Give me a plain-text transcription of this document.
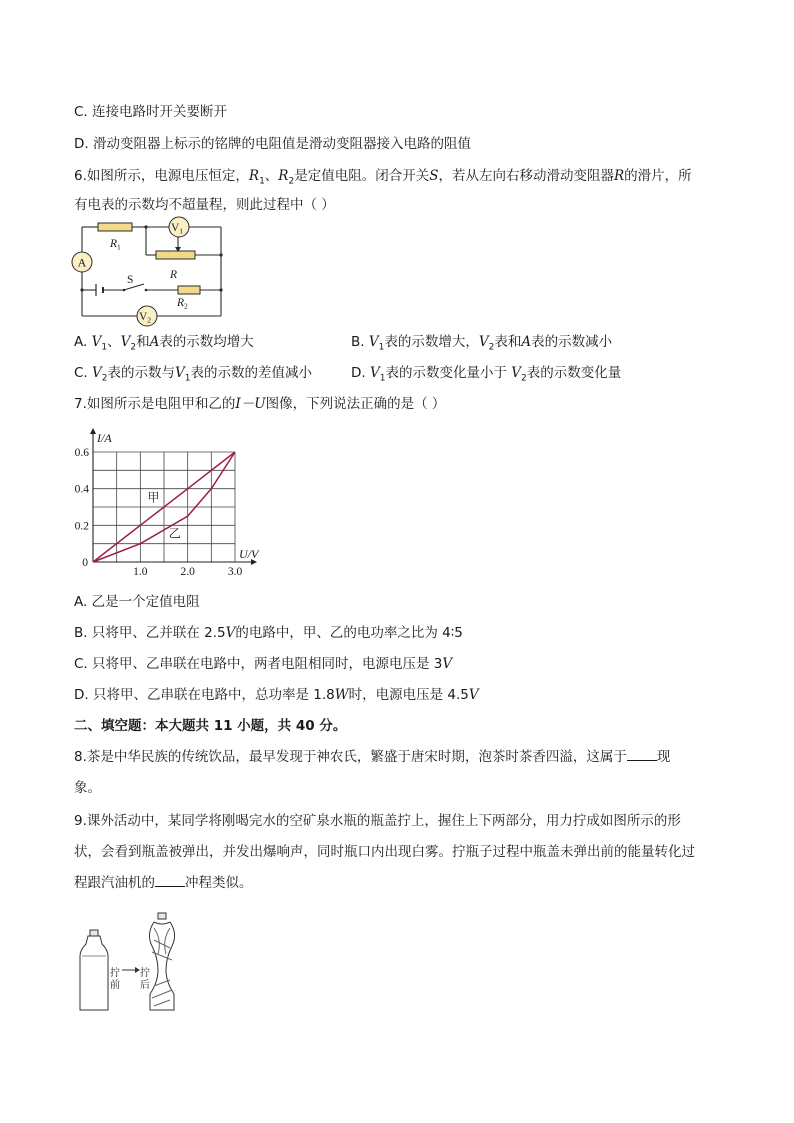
C. 连接电路时开关要断开
D. 滑动变阻器上标示的铭牌的电阻值是滑动变阻器接入电路的阻值
6.如图所示，电源电压恒定，$R_1$、$R_2$是定值电阻。闭合开关S，若从左向右移动滑动变阻器R的滑片，所
有电表的示数均不超量程，则此过程中（ ）
A
$V_1$
$V_2$
$R_1$
R
$R_2$
S
A. $V_1$、$V_2$和A表的示数均增大	B. $V_1$表的示数增大，$V_2$表和A表的示数减小
C. $V_2$表的示数与$V_1$表的示数的差值减小	D. $V_1$表的示数变化量小于 $V_2$表的示数变化量
7.如图所示是电阻甲和乙的I－U图像，下列说法正确的是（ ）
甲
乙
1.0	2.0	3.0
0.2
0.4
0.6
0
I/A
U/V
A. 乙是一个定值电阻
B. 只将甲、乙并联在 2.5V的电路中，甲、乙的电功率之比为 4∶5
C. 只将甲、乙串联在电路中，两者电阻相同时，电源电压是 3V
D. 只将甲、乙串联在电路中，总功率是 1.8W时，电源电压是 4.5V
二、填空题：本大题共 11 小题，共 40 分。
8.茶是中华民族的传统饮品，最早发现于神农氏，繁盛于唐宋时期，泡茶时茶香四溢，这属于 现
象。
9.课外活动中，某同学将刚喝完水的空矿泉水瓶的瓶盖拧上，握住上下两部分，用力拧成如图所示的形
状，会看到瓶盖被弹出，并发出爆响声，同时瓶口内出现白雾。拧瓶子过程中瓶盖未弹出前的能量转化过
程跟汽油机的 冲程类似。
拧
前
拧
后
